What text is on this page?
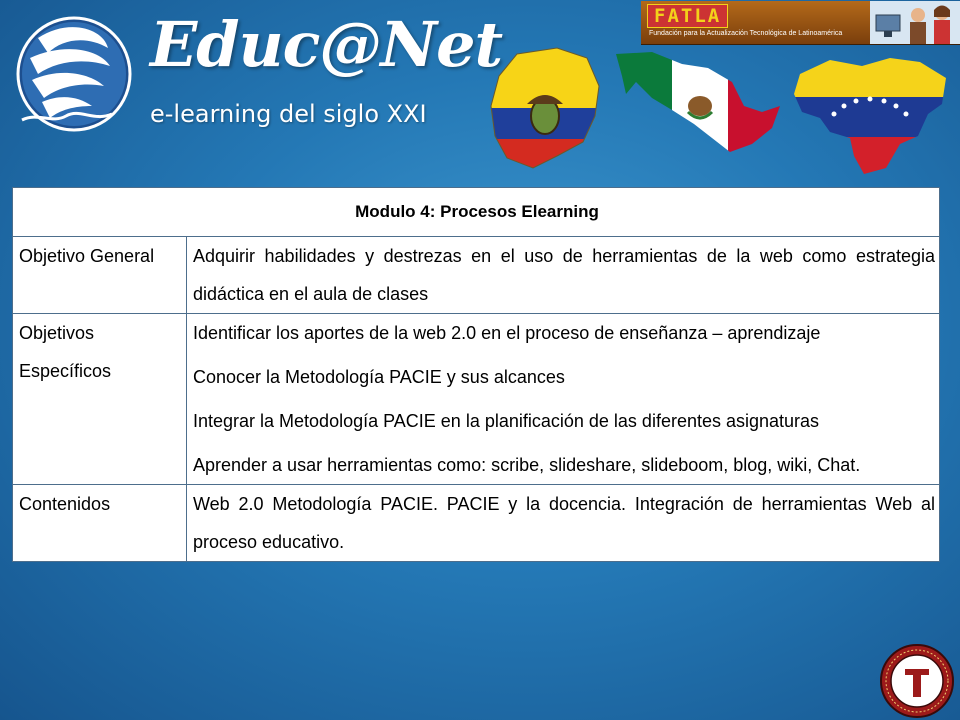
Educ@Net
e-learning del siglo XXI
FATLA
Fundación para la Actualización Tecnológica de Latinoamérica
Modulo 4: Procesos Elearning	
Objetivo General	Adquirir habilidades y destrezas en el uso de herramientas de la web como estrategia didáctica en el aula de clases

Objetivos Específicos	Identificar los aportes de la web 2.0 en el proceso de enseñanza – aprendizaje

Conocer la Metodología PACIE y sus alcances

Integrar la Metodología PACIE en la planificación de las diferentes asignaturas

Aprender a usar herramientas como: scribe, slideshare, slideboom, blog, wiki, Chat.

Contenidos	Web 2.0 Metodología PACIE. PACIE y la docencia. Integración de herramientas Web al proceso educativo.
